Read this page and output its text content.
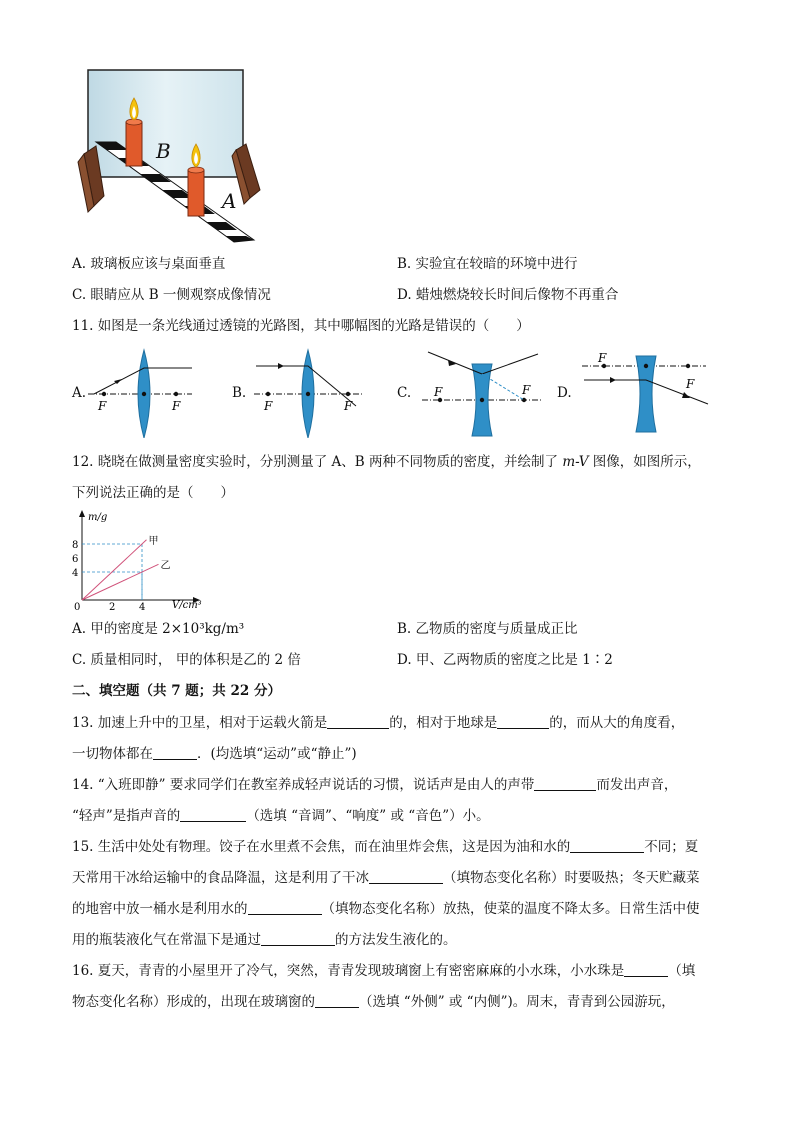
B
A
A. 玻璃板应该与桌面垂直	B. 实验宜在较暗的环境中进行
C. 眼睛应从 B 一侧观察成像情况	D. 蜡烛燃烧较长时间后像物不再重合
11. 如图是一条光线通过透镜的光路图，其中哪幅图的光路是错误的（　　）
A.
F	F
B.
F	F
C. F	F D.
F
F
12. 晓晓在做测量密度实验时，分别测量了 A、B 两种不同物质的密度，并绘制了 m-V 图像，如图所示，
下列说法正确的是（　　）
甲
乙
0	2 4
4
6
8
m/g
V/cm³
A. 甲的密度是 2×10³kg/m³	B. 乙物质的密度与质量成正比
C. 质量相同时， 甲的体积是乙的 2 倍	D. 甲、乙两物质的密度之比是 1∶2
二、填空题（共 7 题；共 22 分）
13. 加速上升中的卫星，相对于运载火箭是	的，相对于地球是	的，而从大的角度看，
一切物体都在	．(均选填“运动”或“静止”)
14. “入班即静” 要求同学们在教室养成轻声说话的习惯，说话声是由人的声带	而发出声音，
“轻声”是指声音的	（选填 “音调”、“响度” 或 “音色”）小。
15. 生活中处处有物理。饺子在水里煮不会焦，而在油里炸会焦，这是因为油和水的	不同；夏
天常用干冰给运输中的食品降温，这是利用了干冰	（填物态变化名称）时要吸热；冬天贮藏菜
的地窖中放一桶水是利用水的	（填物态变化名称）放热，使菜的温度不降太多。日常生活中使
用的瓶装液化气在常温下是通过	的方法发生液化的。
16. 夏天，青青的小屋里开了冷气，突然，青青发现玻璃窗上有密密麻麻的小水珠，小水珠是	（填
物态变化名称）形成的，出现在玻璃窗的	（选填 “外侧” 或 “内侧”)。周末，青青到公园游玩，
